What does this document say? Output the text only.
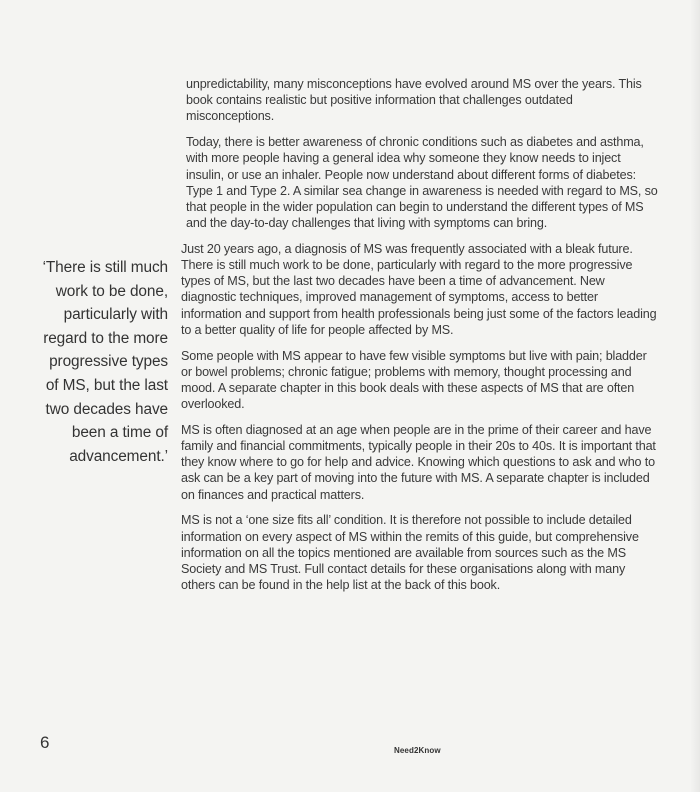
‘There is still much work to be done, particularly with regard to the more progressive types of MS, but the last two decades have been a time of advancement.’

unpredictability, many misconceptions have evolved around MS over the years. This book contains realistic but positive information that challenges outdated misconceptions.

Today, there is better awareness of chronic conditions such as diabetes and asthma, with more people having a general idea why someone they know needs to inject insulin, or use an inhaler. People now understand about different forms of diabetes: Type 1 and Type 2. A similar sea change in awareness is needed with regard to MS, so that people in the wider population can begin to understand the different types of MS and the day-to-day challenges that living with symptoms can bring.

Just 20 years ago, a diagnosis of MS was frequently associated with a bleak future. There is still much work to be done, particularly with regard to the more progressive types of MS, but the last two decades have been a time of advancement. New diagnostic techniques, improved management of symptoms, access to better information and support from health professionals being just some of the factors leading to a better quality of life for people affected by MS.

Some people with MS appear to have few visible symptoms but live with pain; bladder or bowel problems; chronic fatigue; problems with memory, thought processing and mood. A separate chapter in this book deals with these aspects of MS that are often overlooked.

MS is often diagnosed at an age when people are in the prime of their career and have family and financial commitments, typically people in their 20s to 40s. It is important that they know where to go for help and advice. Knowing which questions to ask and who to ask can be a key part of moving into the future with MS. A separate chapter is included on finances and practical matters.

MS is not a ‘one size fits all’ condition. It is therefore not possible to include detailed information on every aspect of MS within the remits of this guide, but comprehensive information on all the topics mentioned are available from sources such as the MS Society and MS Trust. Full contact details for these organisations along with many others can be found in the help list at the back of this book.

6	Need2Know
